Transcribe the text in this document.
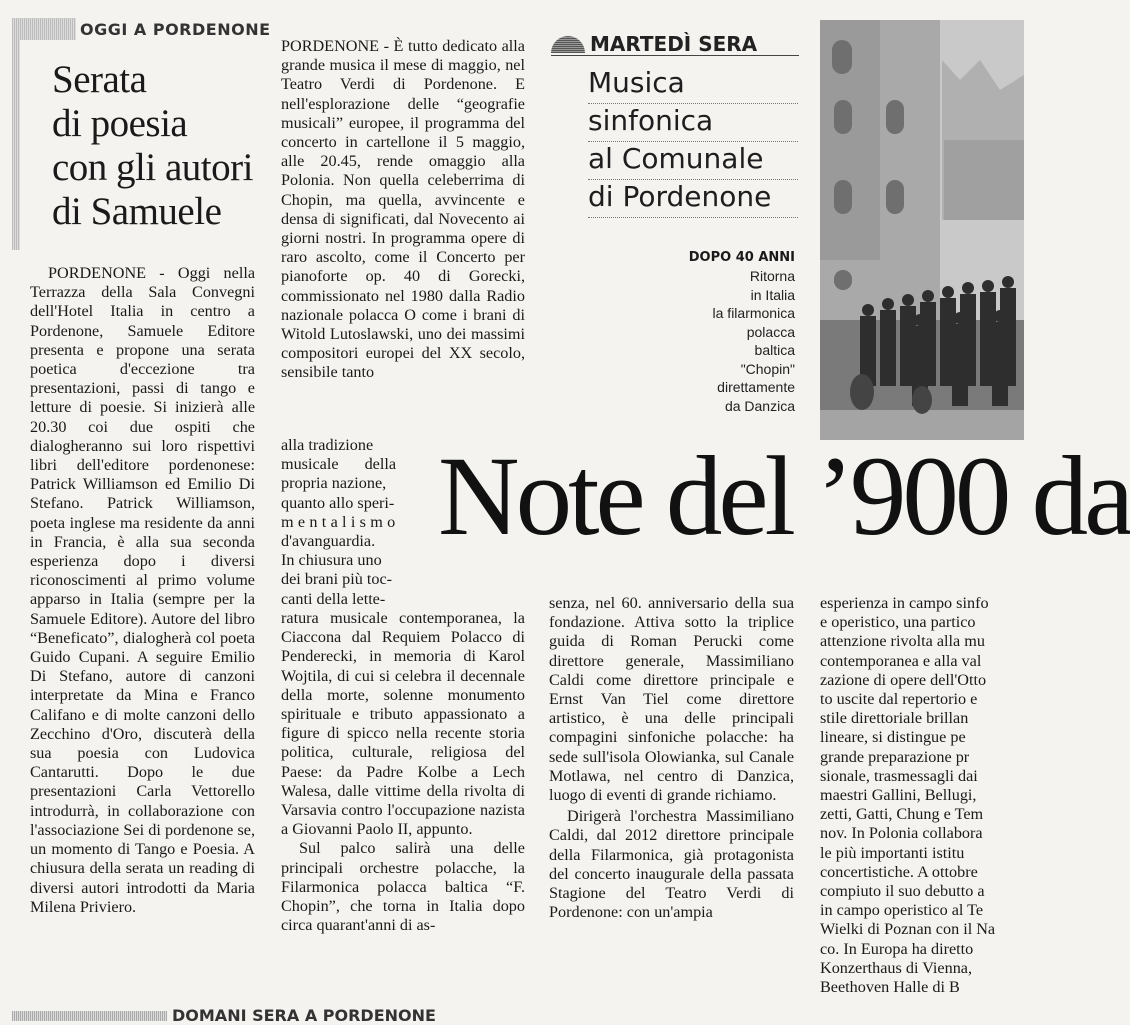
OGGI A PORDENONE
Serata
di poesia
con gli autori
di Samuele

PORDENONE - Oggi nella Terrazza della Sala Convegni dell'Hotel Italia in centro a Pordenone, Samuele Editore presenta e propone una serata poetica d'eccezione tra presentazioni, passi di tango e letture di poesie. Si inizierà alle 20.30 coi due ospiti che dialogheranno sui loro rispettivi libri dell'editore pordenonese: Patrick Williamson ed Emilio Di Stefano. Patrick Williamson, poeta inglese ma residente da anni in Francia, è alla sua seconda esperienza dopo i diversi riconoscimenti al primo volume apparso in Italia (sempre per la Samuele Editore). Autore del libro “Beneficato”, dialogherà col poeta Guido Cupani. A seguire Emilio Di Stefano, autore di canzoni interpretate da Mina e Franco Califano e di molte canzoni dello Zecchino d'Oro, discuterà della sua poesia con Ludovica Cantarutti. Dopo le due presentazioni Carla Vettorello introdurrà, in collaborazione con l'associazione Sei di pordenone se, un momento di Tango e Poesia. A chiusura della serata un reading di diversi autori introdotti da Maria Milena Priviero.

PORDENONE - È tutto dedicato alla grande musica il mese di maggio, nel Teatro Verdi di Pordenone. E nell'esplorazione delle “geografie musicali” europee, il programma del concerto in cartellone il 5 maggio, alle 20.45, rende omaggio alla Polonia. Non quella celeberrima di Chopin, ma quella, avvincente e densa di significati, dal Novecento ai giorni nostri. In programma opere di raro ascolto, come il Concerto per pianoforte op. 40 di Gorecki, commissionato nel 1980 dalla Radio nazionale polacca O come i brani di Witold Lutoslawski, uno dei massimi compositori europei del XX secolo, sensibile tanto

alla tradizione
musicale della
propria nazione,
quanto allo speri-
mentalismo
d'avanguardia.
In chiusura uno
dei brani più toc-
canti della lette-

ratura musicale contemporanea, la Ciaccona dal Requiem Polacco di Penderecki, in memoria di Karol Wojtila, di cui si celebra il decennale della morte, solenne monumento spirituale e tributo appassionato a figure di spicco nella recente storia politica, culturale, religiosa del Paese: da Padre Kolbe a Lech Walesa, dalle vittime della rivolta di Varsavia contro l'occupazione nazista a Giovanni Paolo II, appunto.

Sul palco salirà una delle principali orchestre polacche, la Filarmonica polacca baltica “F. Chopin”, che torna in Italia dopo circa quarant'anni di as-

MARTEDÌ SERA
Musica
sinfonica
al Comunale
di Pordenone
DOPO 40 ANNI
Ritorna
in Italia
la filarmonica
polacca
baltica
"Chopin"
direttamente
da Danzica
Note del ’900 da

senza, nel 60. anniversario della sua fondazione. Attiva sotto la triplice guida di Roman Perucki come direttore generale, Massimiliano Caldi come direttore principale e Ernst Van Tiel come direttore artistico, è una delle principali compagini sinfoniche polacche: ha sede sull'isola Olowianka, sul Canale Motlawa, nel centro di Danzica, luogo di eventi di grande richiamo.

Dirigerà l'orchestra Massimiliano Caldi, dal 2012 direttore principale della Filarmonica, già protagonista del concerto inaugurale della passata Stagione del Teatro Verdi di Pordenone: con un'ampia

esperienza in campo sinfo
e operistico, una partico
attenzione rivolta alla mu
contemporanea e alla val
zazione di opere dell'Otto
to uscite dal repertorio e
stile direttoriale brillan
lineare, si distingue pe
grande preparazione pr
sionale, trasmessagli dai
maestri Gallini, Bellugi,
zetti, Gatti, Chung e Tem
nov. In Polonia collabora
le più importanti istitu
concertistiche. A ottobre
compiuto il suo debutto a
in campo operistico al Te
Wielki di Poznan con il Na
co. In Europa ha diretto
Konzerthaus di Vienna,
Beethoven Halle di B
DOMANI SERA A PORDENONE
